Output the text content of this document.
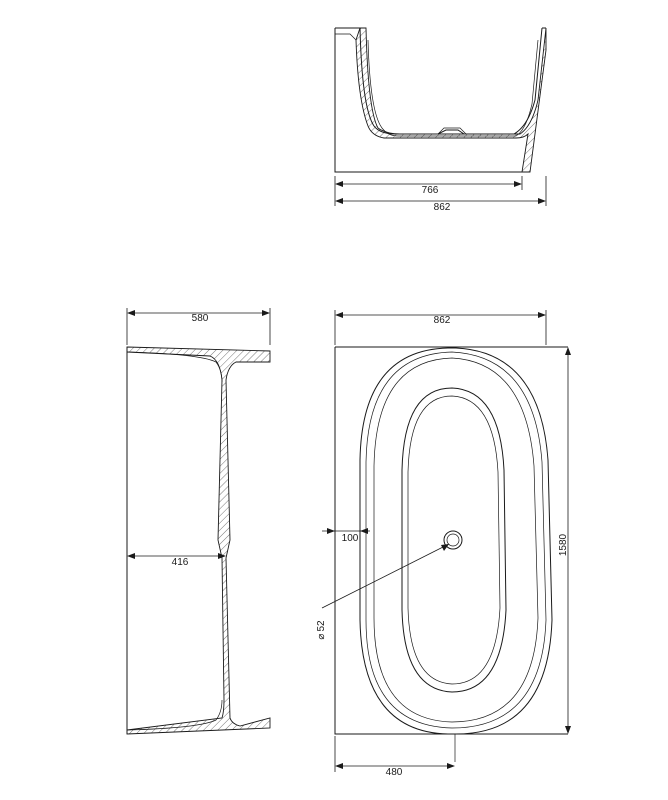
766
862
580
416
862
1580
100
⌀52
480
